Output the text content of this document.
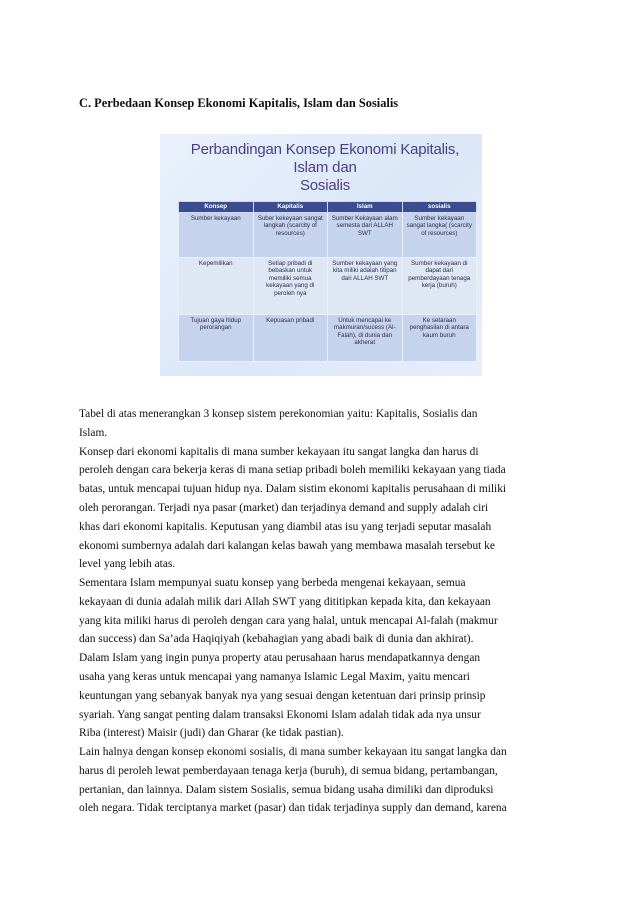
C. Perbedaan Konsep Ekonomi Kapitalis, Islam dan Sosialis
Perbandingan Konsep Ekonomi Kapitalis, Islam dan
Sosialis
Konsep	Kapitalis	Islam	sosialis
Sumber kekayaan	Suber kekeyaan sangat langkah (scarcity of resources)	Sumber Kekayaan alam semesta dari ALLAH SWT	Sumber kekayaan sangat langka( (scarcity of resources)
Kepemilikan	Setiap pribadi di bebaskan untuk memiliki semua kekayaan yang di peroleh nya	Sumber kekayaan yang kita miliki adalah titipan dari ALLAH SWT	Sumber kekayaan di dapat dari pemberdayaan tenaga kerja (buruh)
Tujuan gaya hidup perorangan	Kepuasan pribadi	Untuk mencapai ke makmuran/sucess (Al-Falah), di dunia dan akherat	Ke setaraan penghasilan di antara kaum buruh

Tabel di atas menerangkan 3 konsep sistem perekonomian yaitu: Kapitalis, Sosialis dan
Islam.
Konsep dari ekonomi kapitalis di mana sumber kekayaan itu sangat langka dan harus di
peroleh dengan cara bekerja keras di mana setiap pribadi boleh memiliki kekayaan yang tiada
batas, untuk mencapai tujuan hidup nya. Dalam sistim ekonomi kapitalis perusahaan di miliki
oleh perorangan. Terjadi nya pasar (market) dan terjadinya demand and supply adalah ciri
khas dari ekonomi kapitalis. Keputusan yang diambil atas isu yang terjadi seputar masalah
ekonomi sumbernya adalah dari kalangan kelas bawah yang membawa masalah tersebut ke
level yang lebih atas.

Sementara Islam mempunyai suatu konsep yang berbeda mengenai kekayaan, semua
kekayaan di dunia adalah milik dari Allah SWT yang dititipkan kepada kita, dan kekayaan
yang kita miliki harus di peroleh dengan cara yang halal, untuk mencapai Al-falah (makmur
dan success) dan Sa’ada Haqiqiyah (kebahagian yang abadi baik di dunia dan akhirat).
Dalam Islam yang ingin punya property atau perusahaan harus mendapatkannya dengan
usaha yang keras untuk mencapai yang namanya Islamic Legal Maxim, yaitu mencari
keuntungan yang sebanyak banyak nya yang sesuai dengan ketentuan dari prinsip prinsip
syariah. Yang sangat penting dalam transaksi Ekonomi Islam adalah tidak ada nya unsur
Riba (interest) Maisir (judi) dan Gharar (ke tidak pastian).

Lain halnya dengan konsep ekonomi sosialis, di mana sumber kekayaan itu sangat langka dan
harus di peroleh lewat pemberdayaan tenaga kerja (buruh), di semua bidang, pertambangan,
pertanian, dan lainnya. Dalam sistem Sosialis, semua bidang usaha dimiliki dan diproduksi
oleh negara. Tidak terciptanya market (pasar) dan tidak terjadinya supply dan demand, karena
